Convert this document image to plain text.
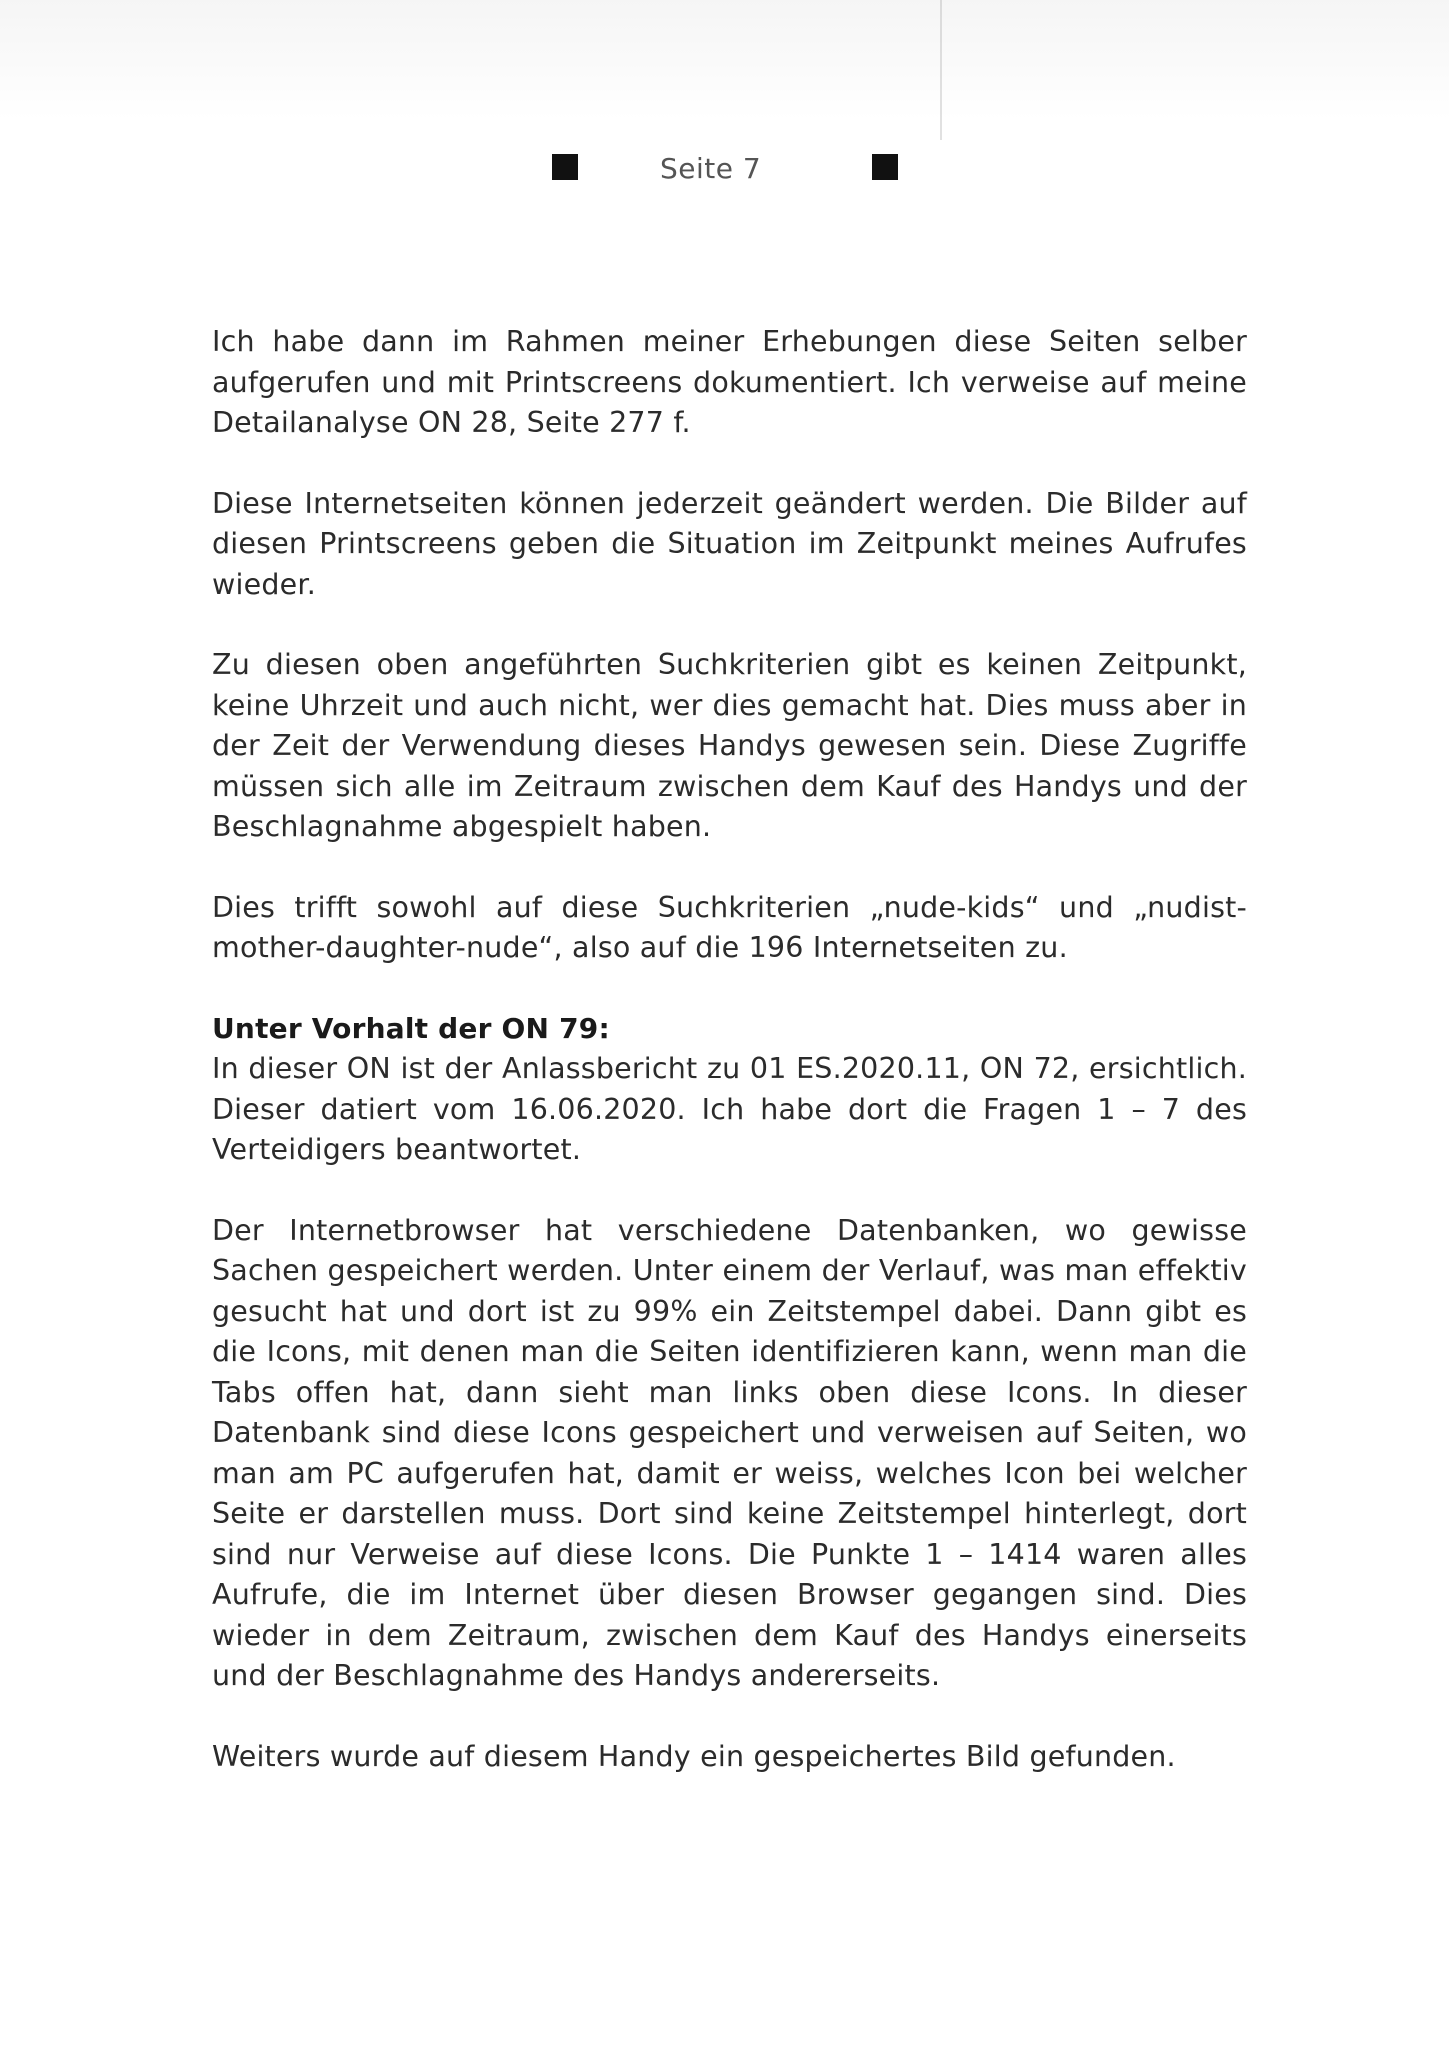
Seite 7

Ich habe dann im Rahmen meiner Erhebungen diese Seiten selber aufgerufen und mit Printscreens dokumentiert. Ich verweise auf meine Detailanalyse ON 28, Seite 277 f.

Diese Internetseiten können jederzeit geändert werden. Die Bilder auf diesen Printscreens geben die Situation im Zeitpunkt meines Aufrufes wieder.

Zu diesen oben angeführten Suchkriterien gibt es keinen Zeitpunkt, keine Uhrzeit und auch nicht, wer dies gemacht hat. Dies muss aber in der Zeit der Verwendung dieses Handys gewesen sein. Diese Zugriffe müssen sich alle im Zeitraum zwischen dem Kauf des Handys und der Beschlagnahme abgespielt haben.

Dies trifft sowohl auf diese Suchkriterien „nude-kids“ und „nudist-mother-daughter-nude“, also auf die 196 Internetseiten zu.

Unter Vorhalt der ON 79:
In dieser ON ist der Anlassbericht zu 01 ES.2020.11, ON 72, ersichtlich. Dieser datiert vom 16.06.2020. Ich habe dort die Fragen 1 – 7 des Verteidigers beantwortet.

Der Internetbrowser hat verschiedene Datenbanken, wo gewisse Sachen gespeichert werden. Unter einem der Verlauf, was man effektiv gesucht hat und dort ist zu 99% ein Zeitstempel dabei. Dann gibt es die Icons, mit denen man die Seiten identifizieren kann, wenn man die Tabs offen hat, dann sieht man links oben diese Icons. In dieser Datenbank sind diese Icons gespeichert und verweisen auf Seiten, wo man am PC aufgerufen hat, damit er weiss, welches Icon bei welcher Seite er darstellen muss. Dort sind keine Zeitstempel hinterlegt, dort sind nur Verweise auf diese Icons. Die Punkte 1 – 1414 waren alles Aufrufe, die im Internet über diesen Browser gegangen sind. Dies wieder in dem Zeitraum, zwischen dem Kauf des Handys einerseits und der Beschlagnahme des Handys andererseits.

Weiters wurde auf diesem Handy ein gespeichertes Bild gefunden.
